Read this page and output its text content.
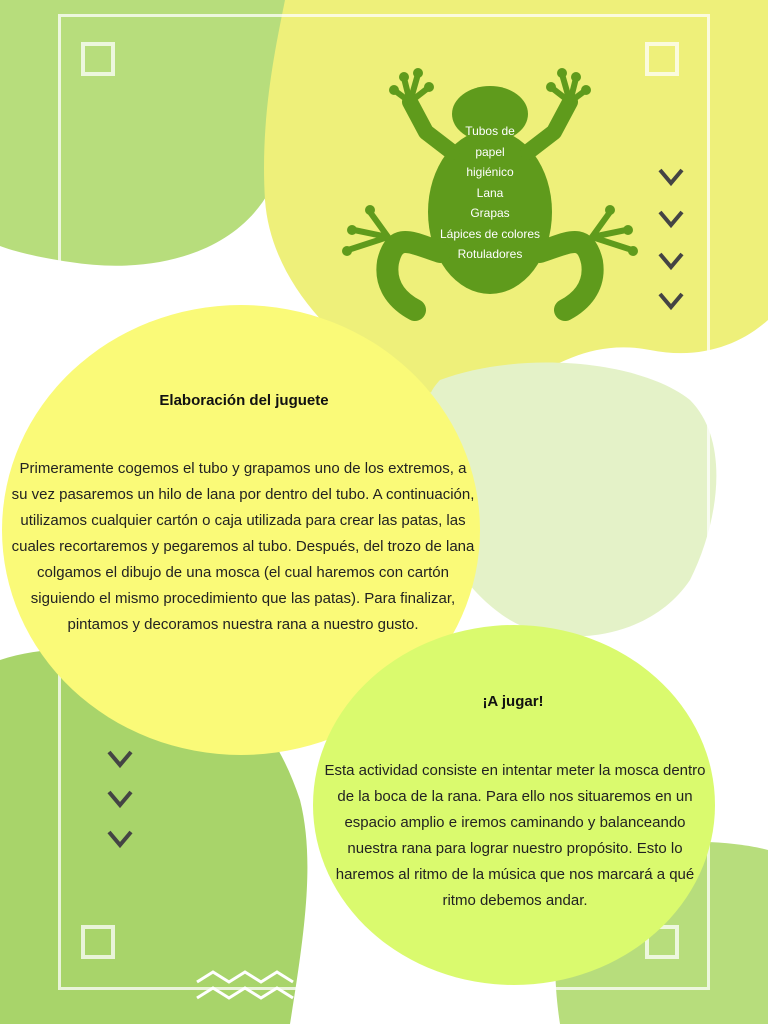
Tubos de
papel
higiénico
Lana
Grapas
Lápices de colores
Rotuladores
Elaboración del juguete
Primeramente cogemos el tubo y grapamos uno de los extremos, a
su vez pasaremos un hilo de lana por dentro del tubo. A continuación,
utilizamos cualquier cartón o caja utilizada para crear las patas, las
cuales recortaremos y pegaremos al tubo. Después, del trozo de lana
colgamos el dibujo de una mosca (el cual haremos con cartón
siguiendo el mismo procedimiento que las patas). Para finalizar,
pintamos y decoramos nuestra rana a nuestro gusto.
¡A jugar!
Esta actividad consiste en intentar meter la mosca dentro
de la boca de la rana. Para ello nos situaremos en un
espacio amplio e iremos caminando y balanceando
nuestra rana para lograr nuestro propósito. Esto lo
haremos al ritmo de la música que nos marcará a qué
ritmo debemos andar.
